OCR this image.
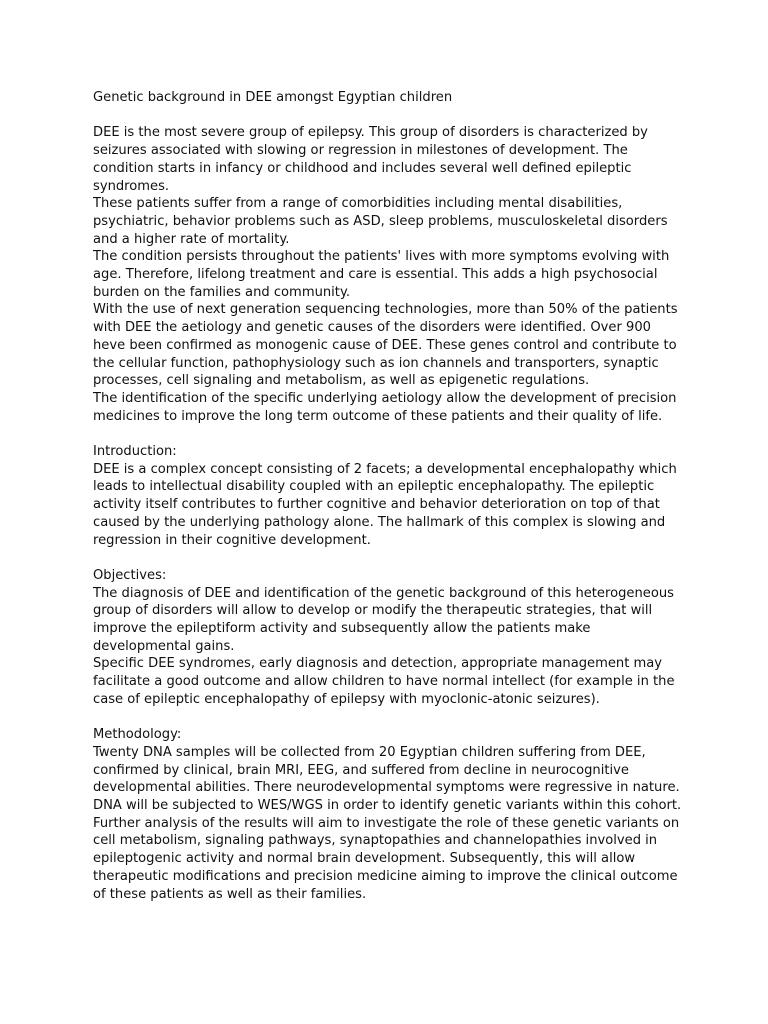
Genetic background in DEE amongst Egyptian children

DEE is the most severe group of epilepsy. This group of disorders is characterized by seizures associated with slowing or regression in milestones of development. The condition starts in infancy or childhood and includes several well defined epileptic syndromes.

These patients suffer from a range of comorbidities including mental disabilities, psychiatric, behavior problems such as ASD, sleep problems, musculoskeletal disorders and a higher rate of mortality.

The condition persists throughout the patients' lives with more symptoms evolving with age. Therefore, lifelong treatment and care is essential. This adds a high psychosocial burden on the families and community.

With the use of next generation sequencing technologies, more than 50% of the patients with DEE the aetiology and genetic causes of the disorders were identified. Over 900 heve been confirmed as monogenic cause of DEE. These genes control and contribute to the cellular function, pathophysiology such as ion channels and transporters, synaptic processes, cell signaling and metabolism, as well as epigenetic regulations.

The identification of the specific underlying aetiology allow the development of precision medicines to improve the long term outcome of these patients and their quality of life.

Introduction:

DEE is a complex concept consisting of 2 facets; a developmental encephalopathy which leads to intellectual disability coupled with an epileptic encephalopathy. The epileptic activity itself contributes to further cognitive and behavior deterioration on top of that caused by the underlying pathology alone. The hallmark of this complex is slowing and regression in their cognitive development.

Objectives:

The diagnosis of DEE and identification of the genetic background of this heterogeneous group of disorders will allow to develop or modify the therapeutic strategies, that will improve the epileptiform activity and subsequently allow the patients make developmental gains.

Specific DEE syndromes, early diagnosis and detection, appropriate management may facilitate a good outcome and allow children to have normal intellect (for example in the case of epileptic encephalopathy of epilepsy with myoclonic-atonic seizures).

Methodology:

Twenty DNA samples will be collected from 20 Egyptian children suffering from DEE, confirmed by clinical, brain MRI, EEG, and suffered from decline in neurocognitive developmental abilities. There neurodevelopmental symptoms were regressive in nature.

DNA will be subjected to WES/WGS in order to identify genetic variants within this cohort. Further analysis of the results will aim to investigate the role of these genetic variants on cell metabolism, signaling pathways, synaptopathies and channelopathies involved in epileptogenic activity and normal brain development. Subsequently, this will allow therapeutic modifications and precision medicine aiming to improve the clinical outcome of these patients as well as their families.
